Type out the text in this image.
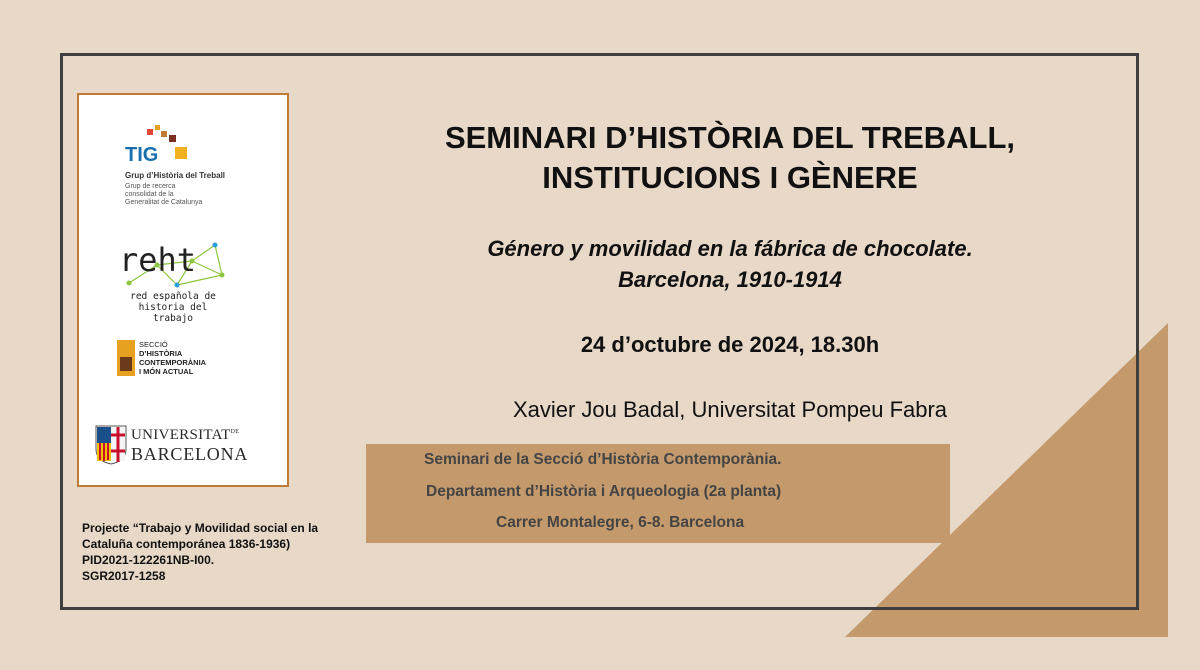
TIG
Grup d’Història del Treball
Grup de recerca
consolidat de la
Generalitat de Catalunya
reht
red española de
historia del trabajo
SECCIÓ
D’HISTÒRIA
CONTEMPORÀNIA
I MÓN ACTUAL
$UNIVERSITAT^{DE}$
BARCELONA
SEMINARI D’HISTÒRIA DEL TREBALL,
INSTITUCIONS I GÈNERE
Género y movilidad en la fábrica de chocolate.
Barcelona, 1910-1914
24 d’octubre de 2024, 18.30h
Xavier Jou Badal, Universitat Pompeu Fabra
Seminari de la Secció d’Història Contemporània.
Departament d’Història i Arqueologia (2a planta)
Carrer Montalegre, 6-8. Barcelona
Projecte “Trabajo y Movilidad social en la
Cataluña contemporánea 1836-1936)
PID2021-122261NB-I00.
SGR2017-1258
